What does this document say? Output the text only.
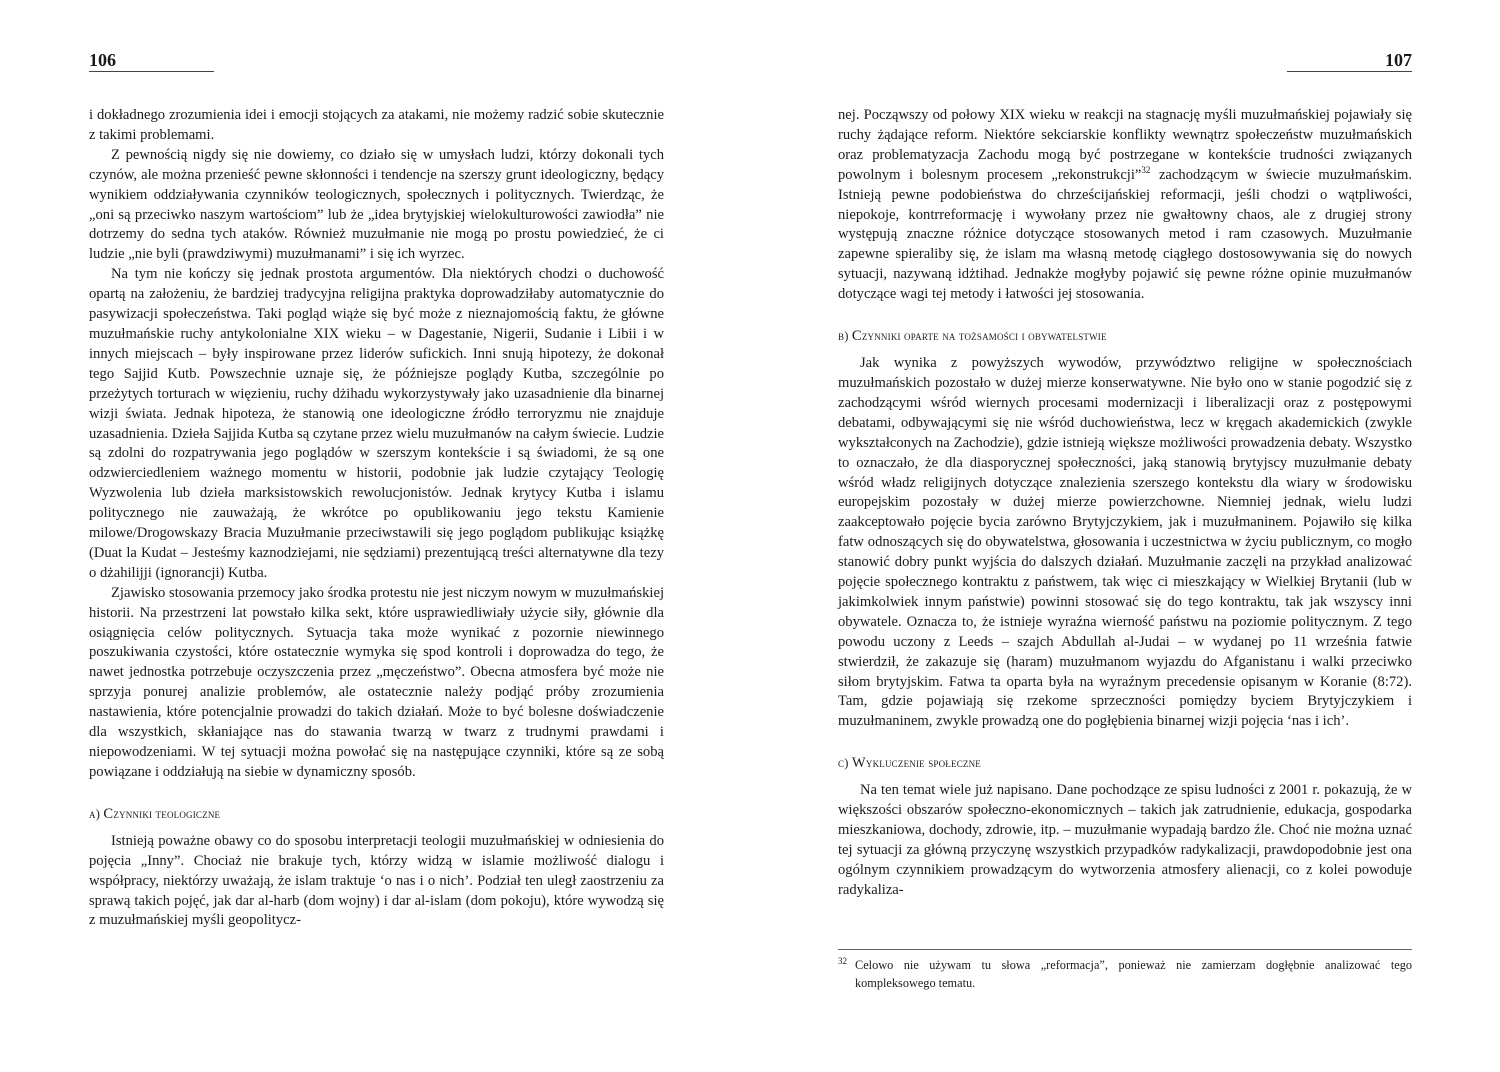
106

i dokładnego zrozumienia idei i emocji stojących za atakami, nie możemy radzić sobie skutecznie z takimi problemami.

Z pewnością nigdy się nie dowiemy, co działo się w umysłach ludzi, którzy dokonali tych czynów, ale można przenieść pewne skłonności i tendencje na szerszy grunt ideologiczny, będący wynikiem oddziaływania czynników teologicznych, społecznych i politycznych. Twierdząc, że „oni są przeciwko naszym wartościom” lub że „idea brytyjskiej wielokulturowości zawiodła” nie dotrzemy do sedna tych ataków. Również muzułmanie nie mogą po prostu powiedzieć, że ci ludzie „nie byli (prawdziwymi) muzułmanami” i się ich wyrzec.

Na tym nie kończy się jednak prostota argumentów. Dla niektórych chodzi o duchowość opartą na założeniu, że bardziej tradycyjna religijna praktyka doprowadziłaby automatycznie do pasywizacji społeczeństwa. Taki pogląd wiąże się być może z nieznajomością faktu, że główne muzułmańskie ruchy antykolonialne XIX wieku – w Dagestanie, Nigerii, Sudanie i Libii i w innych miejscach – były inspirowane przez liderów sufickich. Inni snują hipotezy, że dokonał tego Sajjid Kutb. Powszechnie uznaje się, że późniejsze poglądy Kutba, szczególnie po przeżytych torturach w więzieniu, ruchy dżihadu wykorzystywały jako uzasadnienie dla binarnej wizji świata. Jednak hipoteza, że stanowią one ideologiczne źródło terroryzmu nie znajduje uzasadnienia. Dzieła Sajjida Kutba są czytane przez wielu muzułmanów na całym świecie. Ludzie są zdolni do rozpatrywania jego poglądów w szerszym kontekście i są świadomi, że są one odzwierciedleniem ważnego momentu w historii, podobnie jak ludzie czytający Teologię Wyzwolenia lub dzieła marksistowskich rewolucjonistów. Jednak krytycy Kutba i islamu politycznego nie zauważają, że wkrótce po opublikowaniu jego tekstu Kamienie milowe/Drogowskazy Bracia Muzułmanie przeciwstawili się jego poglądom publikując książkę (Duat la Kudat – Jesteśmy kaznodziejami, nie sędziami) prezentującą treści alternatywne dla tezy o dżahilijji (ignorancji) Kutba.

Zjawisko stosowania przemocy jako środka protestu nie jest niczym nowym w muzułmańskiej historii. Na przestrzeni lat powstało kilka sekt, które usprawiedliwiały użycie siły, głównie dla osiągnięcia celów politycznych. Sytuacja taka może wynikać z pozornie niewinnego poszukiwania czystości, które ostatecznie wymyka się spod kontroli i doprowadza do tego, że nawet jednostka potrzebuje oczyszczenia przez „męczeństwo”. Obecna atmosfera być może nie sprzyja ponurej analizie problemów, ale ostatecznie należy podjąć próby zrozumienia nastawienia, które potencjalnie prowadzi do takich działań. Może to być bolesne doświadczenie dla wszystkich, skłaniające nas do stawania twarzą w twarz z trudnymi prawdami i niepowodzeniami. W tej sytuacji można powołać się na następujące czynniki, które są ze sobą powiązane i oddziałują na siebie w dynamiczny sposób.

a) Czynniki teologiczne

Istnieją poważne obawy co do sposobu interpretacji teologii muzułmańskiej w odniesienia do pojęcia „Inny”. Chociaż nie brakuje tych, którzy widzą w islamie możliwość dialogu i współpracy, niektórzy uważają, że islam traktuje ‘o nas i o nich’. Podział ten uległ zaostrzeniu za sprawą takich pojęć, jak dar al-harb (dom wojny) i dar al-islam (dom pokoju), które wywodzą się z muzułmańskiej myśli geopolitycz-

107

nej. Począwszy od połowy XIX wieku w reakcji na stagnację myśli muzułmańskiej pojawiały się ruchy żądające reform. Niektóre sekciarskie konflikty wewnątrz społeczeństw muzułmańskich oraz problematyzacja Zachodu mogą być postrzegane w kontekście trudności związanych powolnym i bolesnym procesem „rekonstrukcji”$^{32}$ zachodzącym w świecie muzułmańskim. Istnieją pewne podobieństwa do chrześcijańskiej reformacji, jeśli chodzi o wątpliwości, niepokoje, kontrreformację i wywołany przez nie gwałtowny chaos, ale z drugiej strony występują znaczne różnice dotyczące stosowanych metod i ram czasowych. Muzułmanie zapewne spieraliby się, że islam ma własną metodę ciągłego dostosowywania się do nowych sytuacji, nazywaną idżtihad. Jednakże mogłyby pojawić się pewne różne opinie muzułmanów dotyczące wagi tej metody i łatwości jej stosowania.

b) Czynniki oparte na tożsamości i obywatelstwie

Jak wynika z powyższych wywodów, przywództwo religijne w społecznościach muzułmańskich pozostało w dużej mierze konserwatywne. Nie było ono w stanie pogodzić się z zachodzącymi wśród wiernych procesami modernizacji i liberalizacji oraz z postępowymi debatami, odbywającymi się nie wśród duchowieństwa, lecz w kręgach akademickich (zwykle wykształconych na Zachodzie), gdzie istnieją większe możliwości prowadzenia debaty. Wszystko to oznaczało, że dla diasporycznej społeczności, jaką stanowią brytyjscy muzułmanie debaty wśród władz religijnych dotyczące znalezienia szerszego kontekstu dla wiary w środowisku europejskim pozostały w dużej mierze powierzchowne. Niemniej jednak, wielu ludzi zaakceptowało pojęcie bycia zarówno Brytyjczykiem, jak i muzułmaninem. Pojawiło się kilka fatw odnoszących się do obywatelstwa, głosowania i uczestnictwa w życiu publicznym, co mogło stanowić dobry punkt wyjścia do dalszych działań. Muzułmanie zaczęli na przykład analizować pojęcie społecznego kontraktu z państwem, tak więc ci mieszkający w Wielkiej Brytanii (lub w jakimkolwiek innym państwie) powinni stosować się do tego kontraktu, tak jak wszyscy inni obywatele. Oznacza to, że istnieje wyraźna wierność państwu na poziomie politycznym. Z tego powodu uczony z Leeds – szajch Abdullah al-Judai – w wydanej po 11 września fatwie stwierdził, że zakazuje się (haram) muzułmanom wyjazdu do Afganistanu i walki przeciwko siłom brytyjskim. Fatwa ta oparta była na wyraźnym precedensie opisanym w Koranie (8:72). Tam, gdzie pojawiają się rzekome sprzeczności pomiędzy byciem Brytyjczykiem i muzułmaninem, zwykle prowadzą one do pogłębienia binarnej wizji pojęcia ‘nas i ich’.

c) Wykluczenie społeczne

Na ten temat wiele już napisano. Dane pochodzące ze spisu ludności z 2001 r. pokazują, że w większości obszarów społeczno-ekonomicznych – takich jak zatrudnienie, edukacja, gospodarka mieszkaniowa, dochody, zdrowie, itp. – muzułmanie wypadają bardzo źle. Choć nie można uznać tej sytuacji za główną przyczynę wszystkich przypadków radykalizacji, prawdopodobnie jest ona ogólnym czynnikiem prowadzącym do wytworzenia atmosfery alienacji, co z kolei powoduje radykaliza-

$^{32}$ Celowo nie używam tu słowa „reformacja”, ponieważ nie zamierzam dogłębnie analizować tego kompleksowego tematu.
